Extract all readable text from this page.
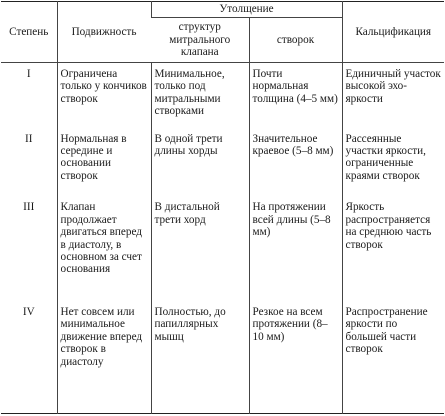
Степень	Подвижность	Утолщение		Кальцификация
		структур митрального клапана	створок	
I	Ограничена только у кончиков створок	Минимальное, только под митральными створками	Почти нормальная толщина (4–5 мм)	Единичный участок высокой эхо-яркости
II	Нормальная в середине и основании створок	В одной трети длины хорды	Значительное краевое (5–8 мм)	Рассеянные участки яркости, ограниченные краями створок
III	Клапан продолжает двигаться вперед в диастолу, в основном за счет основания	В дистальной трети хорд	На протяжении всей длины (5–8 мм)	Яркость распространяется на среднюю часть створок
IV	Нет совсем или минимальное движение вперед створок в диастолу	Полностью, до папиллярных мышц	Резкое на всем протяжении (8–10 мм)	Распространение яркости по большей части створок
